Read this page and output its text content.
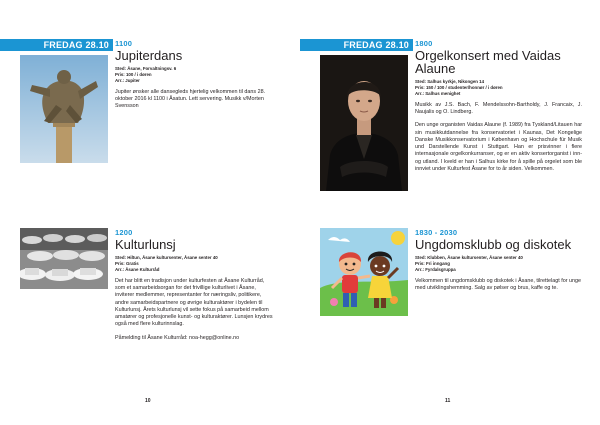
FREDAG 28.10 1100
Jupiterdans
Sted: Åsane, Forvaltningsv. 6
Pris: 100 / i døren
Arr.: Jupiter

Jupiter ønsker alle dansegleds hjertelig velkommen til dans 28. oktober 2016 kl 1100 i Åsatun. Lett servering. Musikk v/Morten Svensson

1200
Kulturlunsj
Sted: Hiltun, Åsane kultursenter, Åsane senter 40
Pris: Gratis
Arr.: Åsane Kulturråd

Det har blitt en tradisjon under kulturfesten at Åsane Kulturråd, som et samarbeidsorgan for det frivillige kulturlivet i Åsane, inviterer medlemmer, representanter for næringsliv, politikere, andre samarbeidspartnere og øvrige kulturaktører i bydelen til Kulturlunsj. Årets kulturlunsj vil sette fokus på samarbeid mellom amatører og profesjonelle kunst- og kulturaktører. Lunsjen krydres også med flere kulturinnslag.

Påmelding til Åsane Kulturråd: noa-hegg@online.no

10
FREDAG 28.10 1800
Orgelkonsert med Vaidas Alaune
Sted: Salhus kyrkje, Nikongen 14
Pris: 150 / 100 / studenter/honnør / i døren
Arr.: Salhus menighet

Musikk av J.S. Bach, F. Mendelssohn-Bartholdy, J. Francaix, J. Naujalis og O. Lindberg.

Den unge organisten Vaidas Alaune (f. 1989) fra Tyskland/Litauen har sin musikkutdannelse fra konservatoriet i Kaunas, Det Kongelige Danske Musikkonservatorium i København og Hochschule für Musik und Darstellende Kunst i Stuttgart. Han er prisvinner i flere internasjonale orgelkonkurranser, og er en aktiv konsertorganist i inn- og utland. I kveld er han i Salhus kirke for å spille på orgelet som ble innviet under Kulturfest Åsane for to år siden. Velkommen.

1830 - 2030
Ungdomsklubb og diskotek
Sted: Klubben, Åsane kultursenter, Åsane senter 40
Pris: Fri inngang
Arr.: Fyrdalsgruppa

Velkommen til ungdomsklubb og diskotek i Åsane, tilrettelagt for unge med utviklingshemming. Salg av pølser og brus, kaffe og te.

11
